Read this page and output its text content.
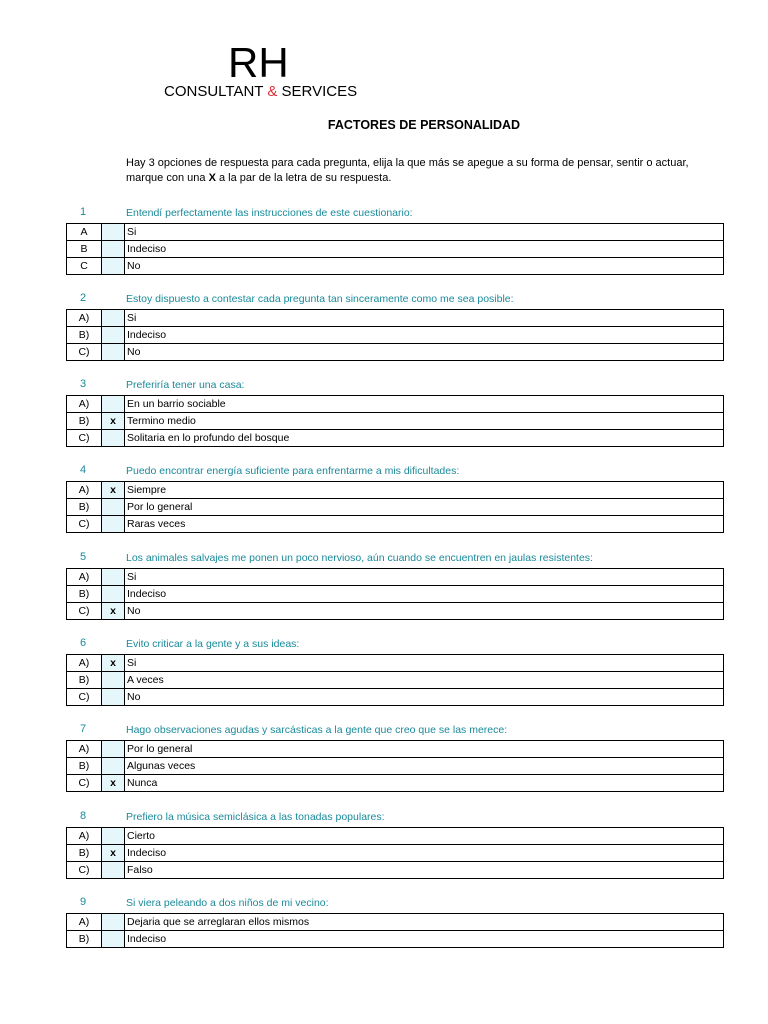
RH
CONSULTANT & SERVICES
FACTORES DE PERSONALIDAD
Hay 3 opciones de respuesta para cada pregunta, elija la que más se apegue a su forma de pensar, sentir o actuar, marque con una X a la par de la letra de su respuesta.
1	Entendí perfectamente las instrucciones de este cuestionario:
A		Si
B		Indeciso
C		No
2	Estoy dispuesto a contestar cada pregunta tan sinceramente como me sea posible:
A)		Si
B)		Indeciso
C)		No
3	Preferiría tener una casa:
A)		En un barrio sociable
B)	x	Termino medio
C)		Solitaria en lo profundo del bosque
4	Puedo encontrar energía suficiente para enfrentarme a mis dificultades:
A)	x	Siempre
B)		Por lo general
C)		Raras veces
5	Los animales salvajes me ponen un poco nervioso, aún cuando se encuentren en jaulas resistentes:
A)		Si
B)		Indeciso
C)	x	No
6	Evito criticar a la gente y a sus ideas:
A)	x	Si
B)		A veces
C)		No
7	Hago observaciones agudas y sarcásticas a la gente que creo que se las merece:
A)		Por lo general
B)		Algunas veces
C)	x	Nunca
8	Prefiero la música semiclásica a las tonadas populares:
A)		Cierto
B)	x	Indeciso
C)		Falso
9	Si viera peleando a dos niños de mi vecino:
A)		Dejaria que se arreglaran ellos mismos
B)		Indeciso
